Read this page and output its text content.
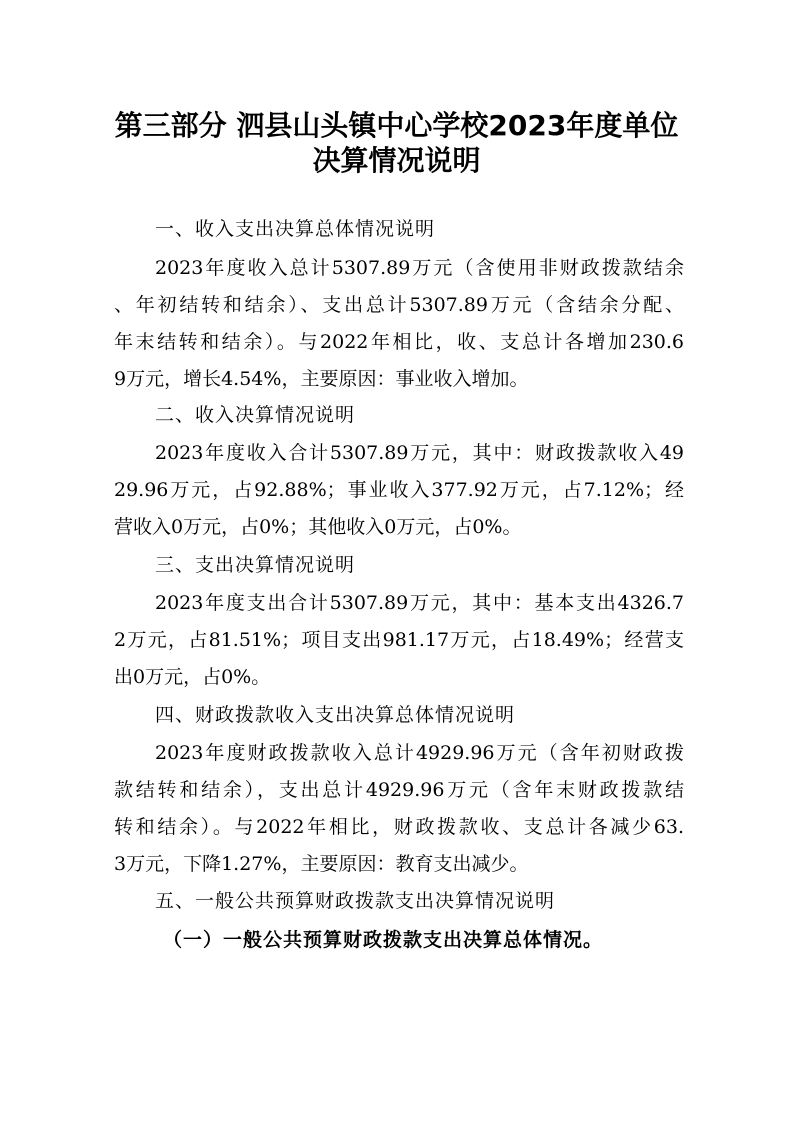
第三部分 泗县山头镇中心学校2023年度单位
决算情况说明
一、收入支出决算总体情况说明
2023年度收入总计5307.89万元（含使用非财政拨款结余
、年初结转和结余）、支出总计5307.89万元（含结余分配、
年末结转和结余）。与2022年相比，收、支总计各增加230.6
9万元，增长4.54%，主要原因：事业收入增加。
二、收入决算情况说明
2023年度收入合计5307.89万元，其中：财政拨款收入49
29.96万元，占92.88%；事业收入377.92万元，占7.12%；经
营收入0万元，占0%；其他收入0万元，占0%。
三、支出决算情况说明
2023年度支出合计5307.89万元，其中：基本支出4326.7
2万元，占81.51%；项目支出981.17万元，占18.49%；经营支
出0万元，占0%。
四、财政拨款收入支出决算总体情况说明
2023年度财政拨款收入总计4929.96万元（含年初财政拨
款结转和结余），支出总计4929.96万元（含年末财政拨款结
转和结余）。与2022年相比，财政拨款收、支总计各减少63.
3万元，下降1.27%，主要原因：教育支出减少。
五、一般公共预算财政拨款支出决算情况说明
（一）一般公共预算财政拨款支出决算总体情况。
